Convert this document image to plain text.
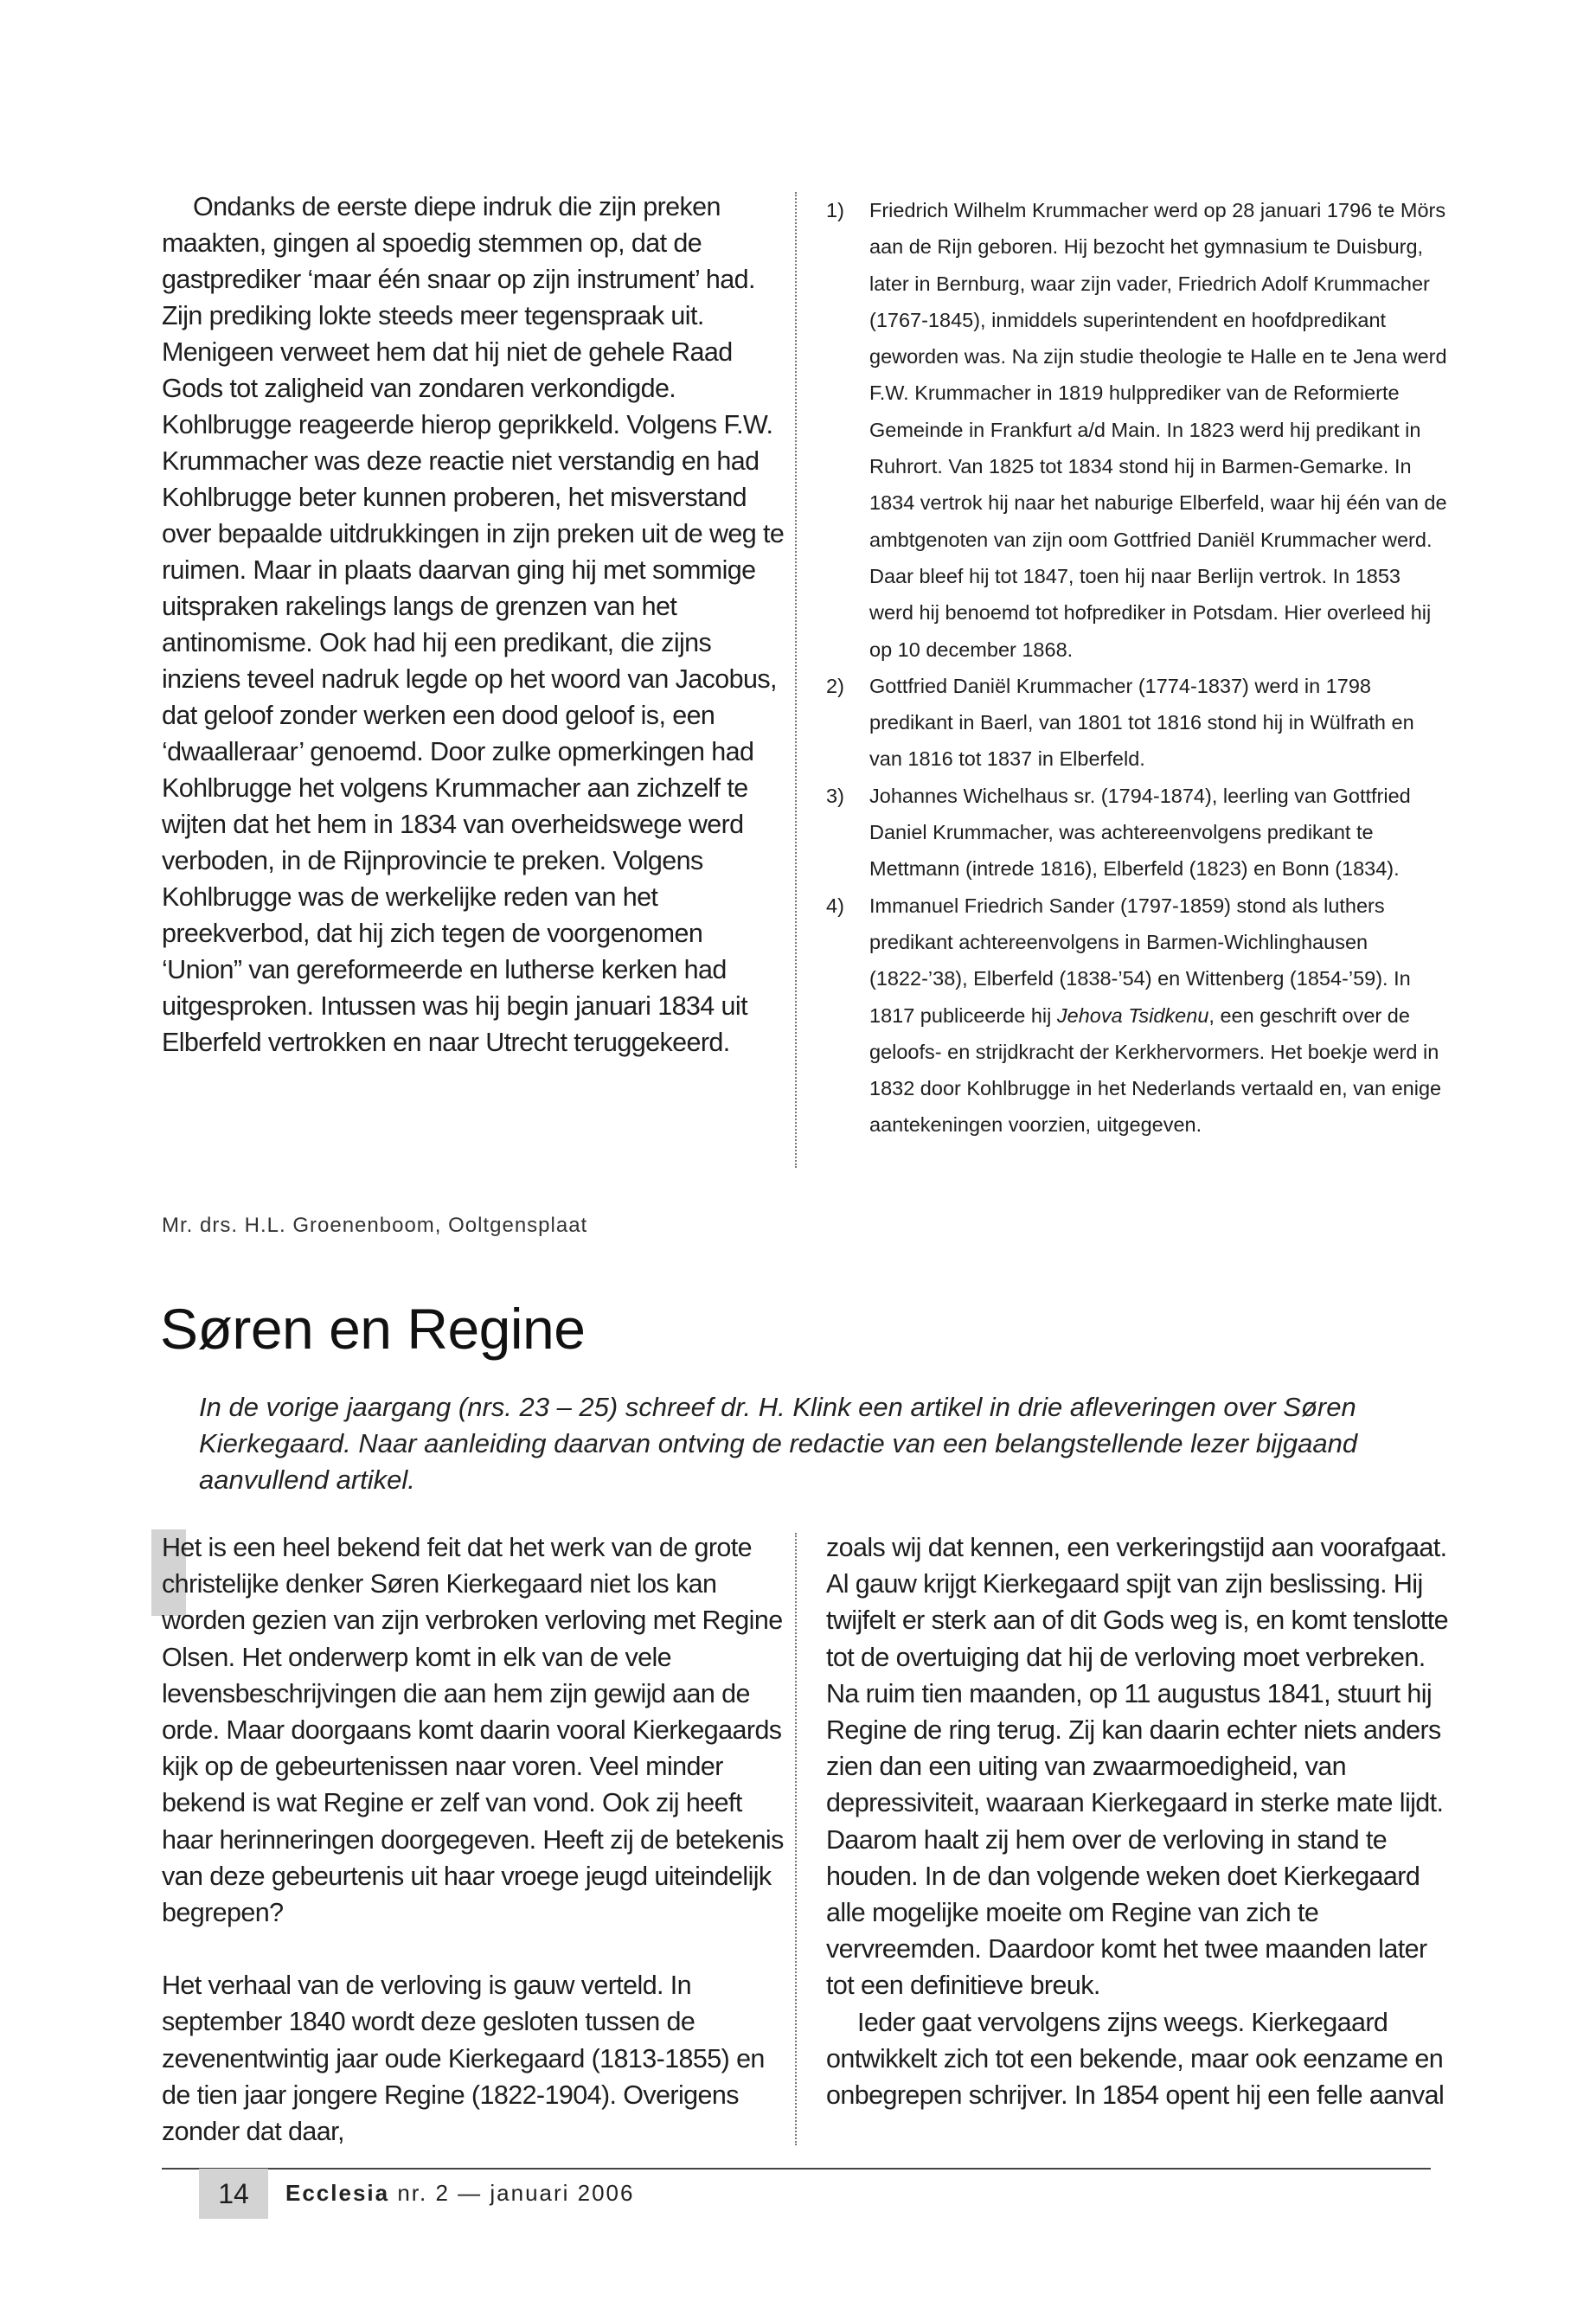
Ondanks de eerste diepe indruk die zijn preken maakten, gingen al spoedig stemmen op, dat de gastprediker ‘maar één snaar op zijn instrument’ had. Zijn prediking lokte steeds meer tegenspraak uit. Menigeen verweet hem dat hij niet de gehele Raad Gods tot zaligheid van zondaren verkondigde. Kohlbrugge reageerde hierop geprikkeld. Volgens F.W. Krummacher was deze reactie niet verstandig en had Kohlbrugge beter kunnen proberen, het misverstand over bepaalde uitdrukkingen in zijn preken uit de weg te ruimen. Maar in plaats daarvan ging hij met sommige uitspraken rakelings langs de grenzen van het antinomisme. Ook had hij een predikant, die zijns inziens teveel nadruk legde op het woord van Jacobus, dat geloof zonder werken een dood geloof is, een ‘dwaalleraar’ genoemd. Door zulke opmerkingen had Kohlbrugge het volgens Krummacher aan zichzelf te wijten dat het hem in 1834 van overheidswege werd verboden, in de Rijnprovincie te preken. Volgens Kohlbrugge was de werkelijke reden van het preekverbod, dat hij zich tegen de voorgenomen ‘Union” van gereformeerde en lutherse kerken had uitgesproken. Intussen was hij begin januari 1834 uit Elberfeld vertrokken en naar Utrecht teruggekeerd.

1)	Friedrich Wilhelm Krummacher werd op 28 januari 1796 te Mörs aan de Rijn geboren. Hij bezocht het gymnasium te Duisburg, later in Bernburg, waar zijn vader, Friedrich Adolf Krummacher (1767-1845), inmiddels superintendent en hoofdpredikant geworden was. Na zijn studie theologie te Halle en te Jena werd F.W. Krummacher in 1819 hulpprediker van de Reformierte Gemeinde in Frankfurt a/d Main. In 1823 werd hij predikant in Ruhrort. Van 1825 tot 1834 stond hij in Barmen-Gemarke. In 1834 vertrok hij naar het naburige Elberfeld, waar hij één van de ambtgenoten van zijn oom Gottfried Daniël Krummacher werd. Daar bleef hij tot 1847, toen hij naar Berlijn vertrok. In 1853 werd hij benoemd tot hofprediker in Potsdam. Hier overleed hij op 10 december 1868.
2)	Gottfried Daniël Krummacher (1774-1837) werd in 1798 predikant in Baerl, van 1801 tot 1816 stond hij in Wülfrath en van 1816 tot 1837 in Elberfeld.
3)	Johannes Wichelhaus sr. (1794-1874), leerling van Gottfried Daniel Krummacher, was achtereenvolgens predikant te Mettmann (intrede 1816), Elberfeld (1823) en Bonn (1834).
4)	Immanuel Friedrich Sander (1797-1859) stond als luthers predikant achtereenvolgens in Barmen-Wichlinghausen (1822-’38), Elberfeld (1838-’54) en Wittenberg (1854-’59). In 1817 publiceerde hij Jehova Tsidkenu, een geschrift over de geloofs- en strijdkracht der Kerkhervormers. Het boekje werd in 1832 door Kohlbrugge in het Nederlands vertaald en, van enige aantekeningen voorzien, uitgegeven.
Mr. drs. H.L. Groenenboom, Ooltgensplaat
Søren en Regine

In de vorige jaargang (nrs. 23 – 25) schreef dr. H. Klink een artikel in drie afleveringen over Søren Kierkegaard. Naar aanleiding daarvan ontving de redactie van een belangstellende lezer bijgaand aanvullend artikel.

Het is een heel bekend feit dat het werk van de grote christelijke denker Søren Kierkegaard niet los kan worden gezien van zijn verbroken verloving met Regine Olsen. Het onderwerp komt in elk van de vele levensbeschrijvingen die aan hem zijn gewijd aan de orde. Maar doorgaans komt daarin vooral Kierkegaards kijk op de gebeurtenissen naar voren. Veel minder bekend is wat Regine er zelf van vond. Ook zij heeft haar herinneringen doorgegeven. Heeft zij de betekenis van deze gebeurtenis uit haar vroege jeugd uiteindelijk begrepen?

Het verhaal van de verloving is gauw verteld. In september 1840 wordt deze gesloten tussen de zevenentwintig jaar oude Kierkegaard (1813-1855) en de tien jaar jongere Regine (1822-1904). Overigens zonder dat daar,

zoals wij dat kennen, een verkeringstijd aan voorafgaat. Al gauw krijgt Kierkegaard spijt van zijn beslissing. Hij twijfelt er sterk aan of dit Gods weg is, en komt tenslotte tot de overtuiging dat hij de verloving moet verbreken. Na ruim tien maanden, op 11 augustus 1841, stuurt hij Regine de ring terug. Zij kan daarin echter niets anders zien dan een uiting van zwaarmoedigheid, van depressiviteit, waaraan Kierkegaard in sterke mate lijdt. Daarom haalt zij hem over de verloving in stand te houden. In de dan volgende weken doet Kierkegaard alle mogelijke moeite om Regine van zich te vervreemden. Daardoor komt het twee maanden later tot een definitieve breuk.

Ieder gaat vervolgens zijns weegs. Kierkegaard ontwikkelt zich tot een bekende, maar ook eenzame en onbegrepen schrijver. In 1854 opent hij een felle aanval

14	Ecclesia nr. 2 — januari 2006
